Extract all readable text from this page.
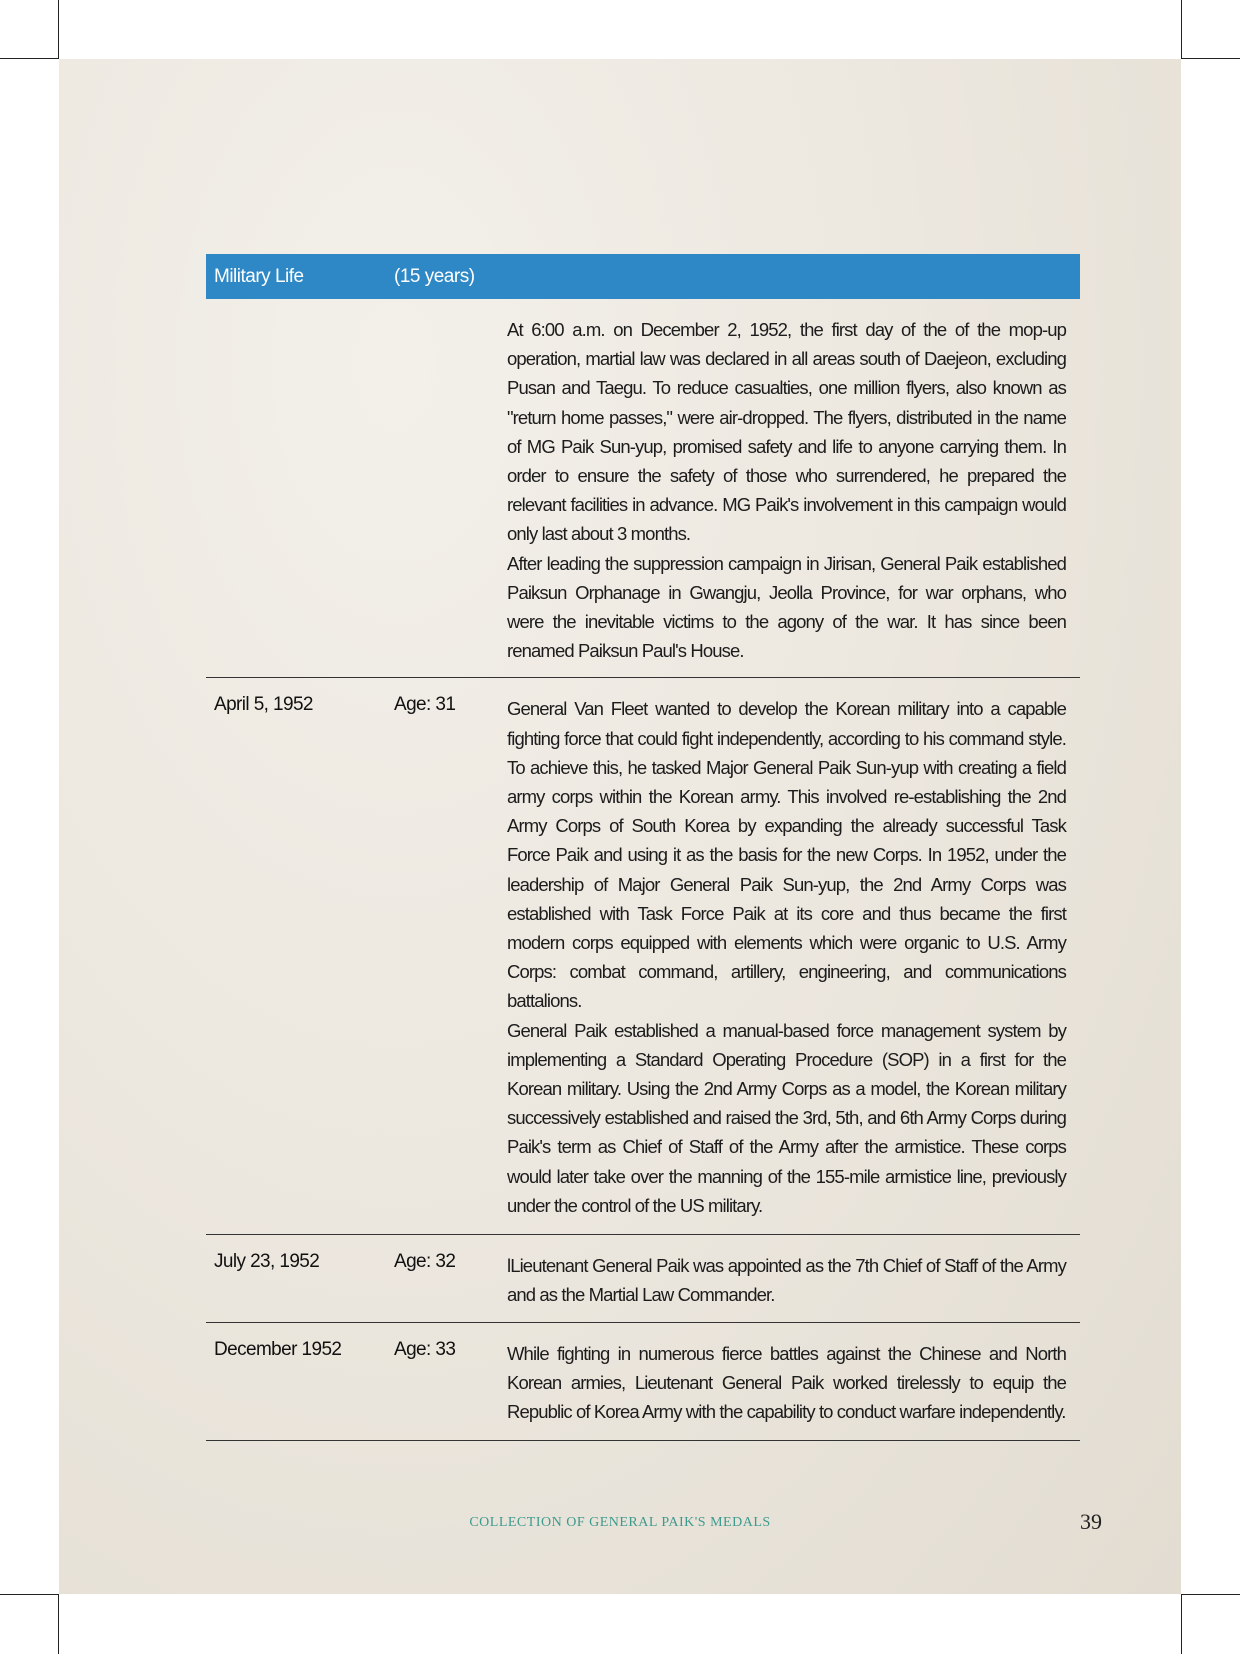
Military Life	(15 years)

At 6:00 a.m. on December 2, 1952, the first day of the of the mop-up operation, martial law was declared in all areas south of Daejeon, excluding Pusan and Taegu. To reduce casualties, one million flyers, also known as "return home passes," were air-dropped. The flyers, distributed in the name of MG Paik Sun-yup, promised safety and life to anyone carrying them. In order to ensure the safety of those who surrendered, he prepared the relevant facilities in advance. MG Paik's involvement in this campaign would only last about 3 months.

After leading the suppression campaign in Jirisan, General Paik established Paiksun Orphanage in Gwangju, Jeolla Province, for war orphans, who were the inevitable victims to the agony of the war. It has since been renamed Paiksun Paul's House.

April 5, 1952	Age: 31	General Van Fleet wanted to develop the Korean military into a capable fighting force that could fight independently, according to his command style. To achieve this, he tasked Major General Paik Sun-yup with creating a field army corps within the Korean army. This involved re-establishing the 2nd Army Corps of South Korea by expanding the already successful Task Force Paik and using it as the basis for the new Corps. In 1952, under the leadership of Major General Paik Sun-yup, the 2nd Army Corps was established with Task Force Paik at its core and thus became the first modern corps equipped with elements which were organic to U.S. Army Corps: combat command, artillery, engineering, and communications battalions.

General Paik established a manual-based force management system by implementing a Standard Operating Procedure (SOP) in a first for the Korean military. Using the 2nd Army Corps as a model, the Korean military successively established and raised the 3rd, 5th, and 6th Army Corps during Paik's term as Chief of Staff of the Army after the armistice. These corps would later take over the manning of the 155-mile armistice line, previously under the control of the US military.

July 23, 1952	Age: 32	lLieutenant General Paik was appointed as the 7th Chief of Staff of the Army and as the Martial Law Commander.

December 1952	Age: 33	While fighting in numerous fierce battles against the Chinese and North Korean armies, Lieutenant General Paik worked tirelessly to equip the Republic of Korea Army with the capability to conduct warfare independently.

COLLECTION OF GENERAL PAIK'S MEDALS	39
